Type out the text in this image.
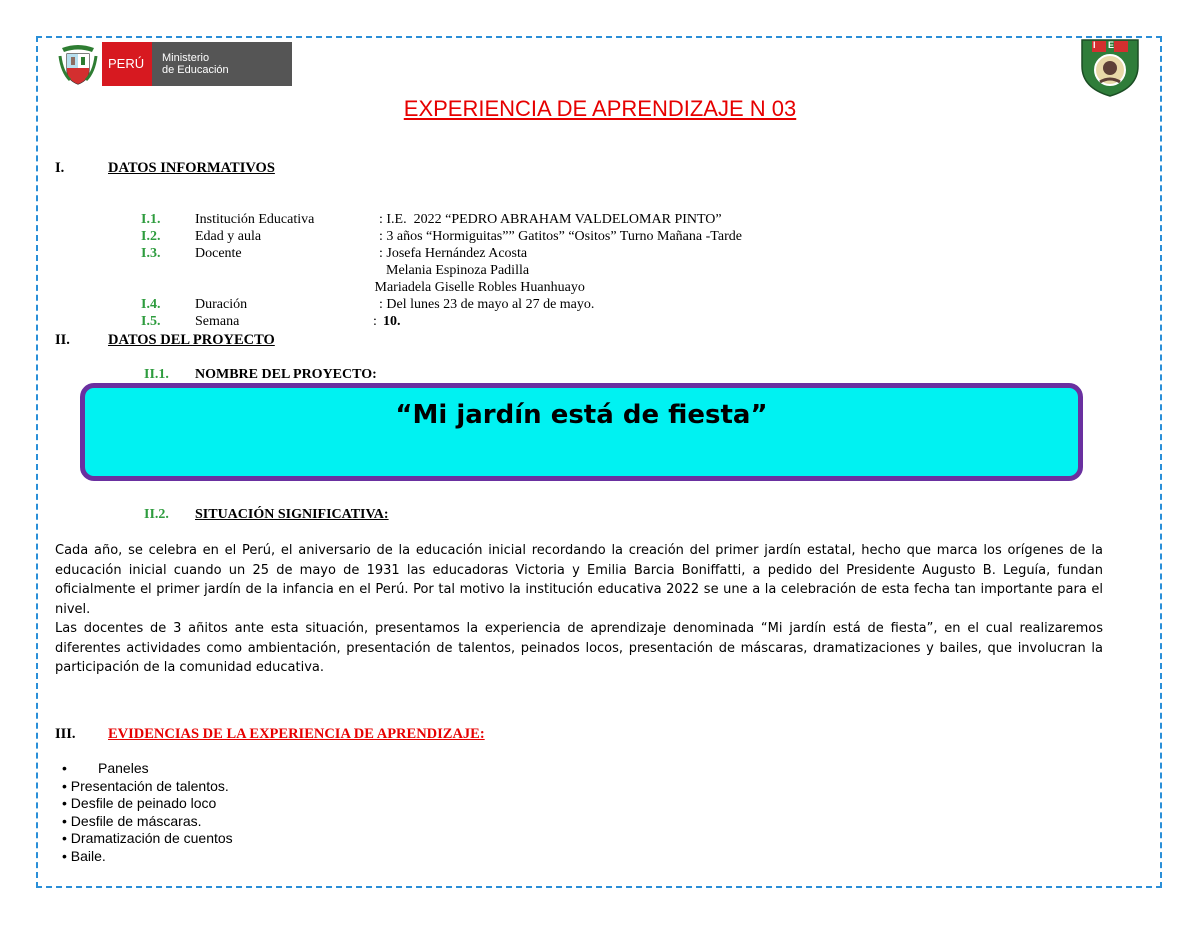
PERÚ Ministerio
de Educación
I E
EXPERIENCIA DE APRENDIZAJE N 03
I.	DATOS INFORMATIVOS
I.1. Institución Educativa	: I.E.  2022 “PEDRO ABRAHAM VALDELOMAR PINTO”
I.2. Edad y aula	: 3 años “Hormiguitas”” Gatitos” “Ositos” Turno Mañana -Tarde
I.3. Docente	: Josefa Hernández Acosta
Melania Espinoza Padilla
Mariadela Giselle Robles Huanhuayo
I.4. Duración	: Del lunes 23 de mayo al 27 de mayo.
I.5. Semana	: 10.
II.	DATOS DEL PROYECTO
II.1. NOMBRE DEL PROYECTO:
“Mi jardín está de fiesta”
II.2. SITUACIÓN SIGNIFICATIVA:

Cada año, se celebra en el Perú, el aniversario de la educación inicial recordando la creación del primer jardín estatal, hecho que marca los orígenes de la educación inicial cuando un 25 de mayo de 1931 las educadoras Victoria y Emilia Barcia Boniffatti, a pedido del Presidente Augusto B. Leguía, fundan oficialmente el primer jardín de la infancia en el Perú. Por tal motivo la institución educativa 2022 se une a la celebración de esta fecha tan importante para el nivel.

Las docentes de 3 añitos ante esta situación, presentamos la experiencia de aprendizaje denominada “Mi jardín está de fiesta”, en el cual realizaremos diferentes actividades como ambientación, presentación de talentos, peinados locos, presentación de máscaras, dramatizaciones y bailes, que involucran la participación de la comunidad educativa.

III. EVIDENCIAS DE LA EXPERIENCIA DE APRENDIZAJE:
•        Paneles
• Presentación de talentos.
• Desfile de peinado loco
• Desfile de máscaras.
• Dramatización de cuentos
• Baile.
